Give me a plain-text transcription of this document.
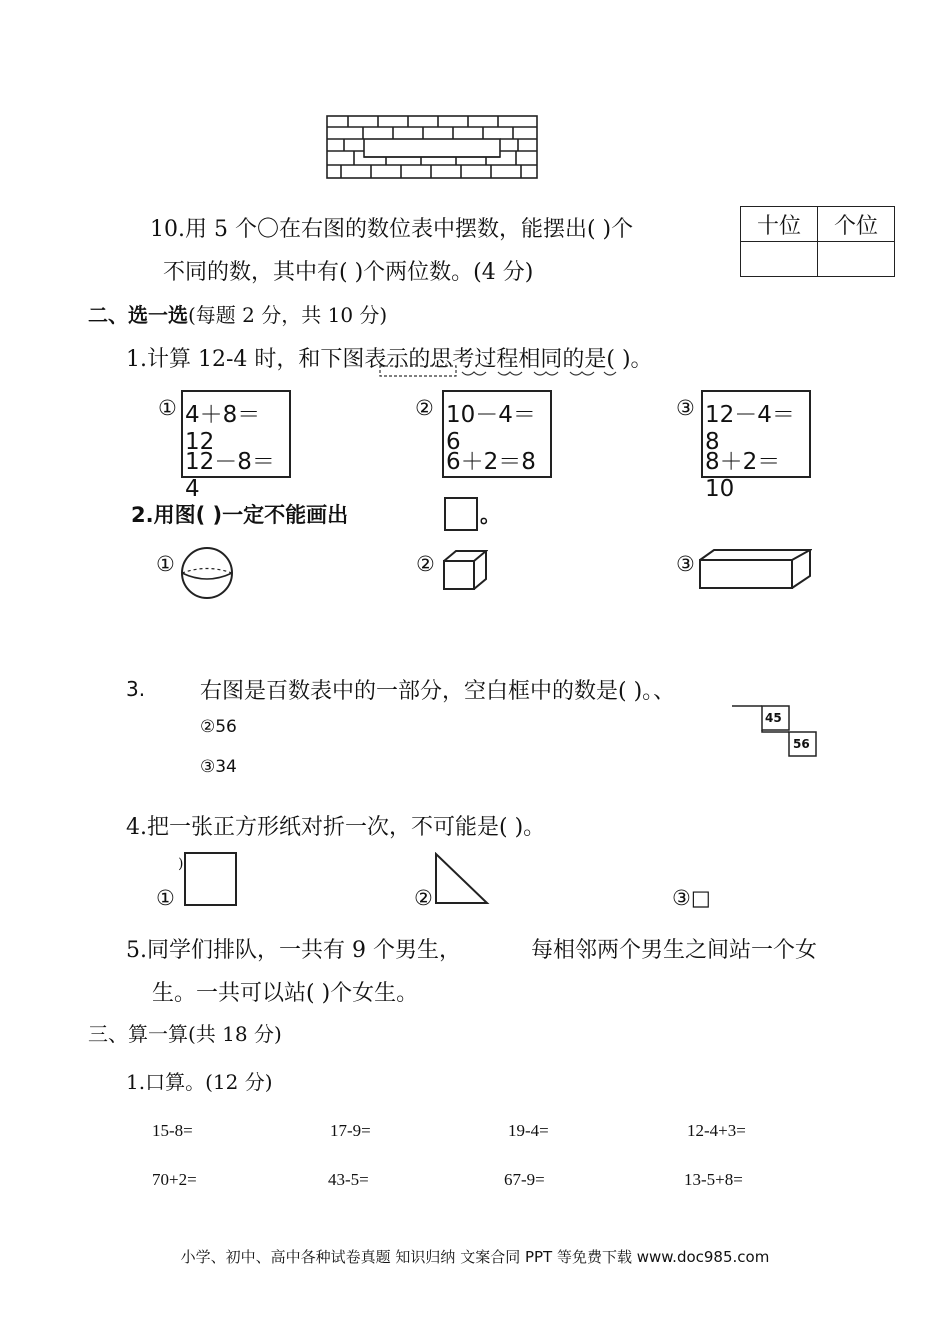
10.用 5 个〇在右图的数位表中摆数，能摆出( )个
不同的数，其中有( )个两位数。(4 分)
十位	个位

二、选一选(每题 2 分，共 10 分)
1.计算 12-4 时，和下图表示的思考过程相同的是( )。
① 4＋8＝12
12－8＝4
② 10－4＝6
6＋2＝8
③ 12－4＝8
8＋2＝10
2.用图( )一定不能画出	。
①	②	③
3. 右图是百数表中的一部分，空白框中的数是( )。、
②56
③34
45
56
4.把一张正方形纸对折一次，不可能是( )。
)
①	②	③□
5.同学们排队，一共有 9 个男生，	每相邻两个男生之间站一个女
生。一共可以站( )个女生。
三、算一算(共 18 分)
1.口算。(12 分)
15-8=	17-9=	19-4=	12-4+3=
70+2=	43-5=	67-9=	13-5+8=
小学、初中、高中各种试卷真题 知识归纳 文案合同 PPT 等免费下载 www.doc985.com
